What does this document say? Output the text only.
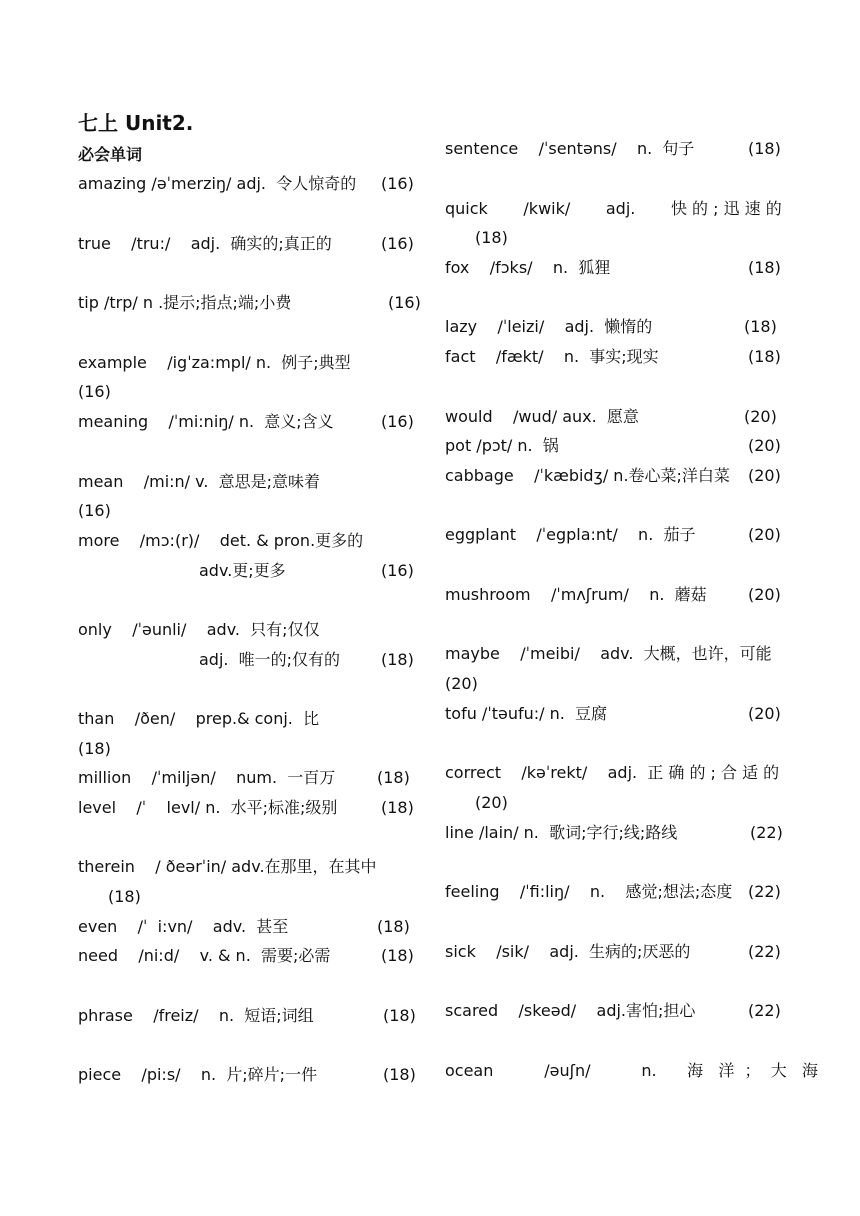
七上 Unit2.
必会单词
amazing /əˈmerziŋ/ adj.  令人惊奇的 (16)
true    /tru:/    adj.  确实的;真正的	(16)
tip /trp/ n .提示;指点;端;小费	(16)
example    /igˈza:mpl/ n.  例子;典型
(16)
meaning    /ˈmi:niŋ/ n.  意义;含义	(16)
mean    /mi:n/ v.  意思是;意味着
(16)
more    /mɔ:(r)/    det. & pron.更多的
adv.更;更多	(16)
only    /ˈəunli/    adv.  只有;仅仅
adj.  唯一的;仅有的	(18)
than    /ðen/    prep.& conj.  比
(18)
million    /ˈmiljən/    num.  一百万	(18)
level    /ˈ    levl/ n.  水平;标准;级别	(18)
therein    / ðeərˈin/ adv.在那里，在其中
(18)
even    /ˈ  i:vn/    adv.  甚至	(18)
need    /ni:d/    v. & n.  需要;必需	(18)
phrase    /freiz/    n.  短语;词组	(18)
piece    /pi:s/    n.  片;碎片;一件	(18)
sentence    /ˈsentəns/    n.  句子	(18)
quick       /kwik/       adj.       快 的 ; 迅 速 的
(18)
fox    /fɔks/    n.  狐狸	(18)
lazy    /ˈleizi/    adj.  懒惰的	(18)
fact    /fækt/    n.  事实;现实	(18)
would    /wud/ aux.  愿意	(20)
pot /pɔt/ n.  锅	(20)
cabbage    /ˈkæbidʒ/ n.卷心菜;洋白菜 (20)
eggplant    /ˈegpla:nt/    n.  茄子	(20)
mushroom    /ˈmʌʃrum/    n.  蘑菇	(20)
maybe    /ˈmeibi/    adv.  大概，也许，可能
(20)
tofu /ˈtəufu:/ n.  豆腐	(20)
correct    /kəˈrekt/    adj.  正 确 的 ; 合 适 的
(20)
line /lain/ n.  歌词;字行;线;路线	(22)
feeling    /ˈfi:liŋ/    n.    感觉;想法;态度 (22)
sick    /sik/    adj.  生病的;厌恶的	(22)
scared    /skeəd/    adj.害怕;担心	(22)
ocean          /əuʃn/          n.      海   洋  ；  大   海
